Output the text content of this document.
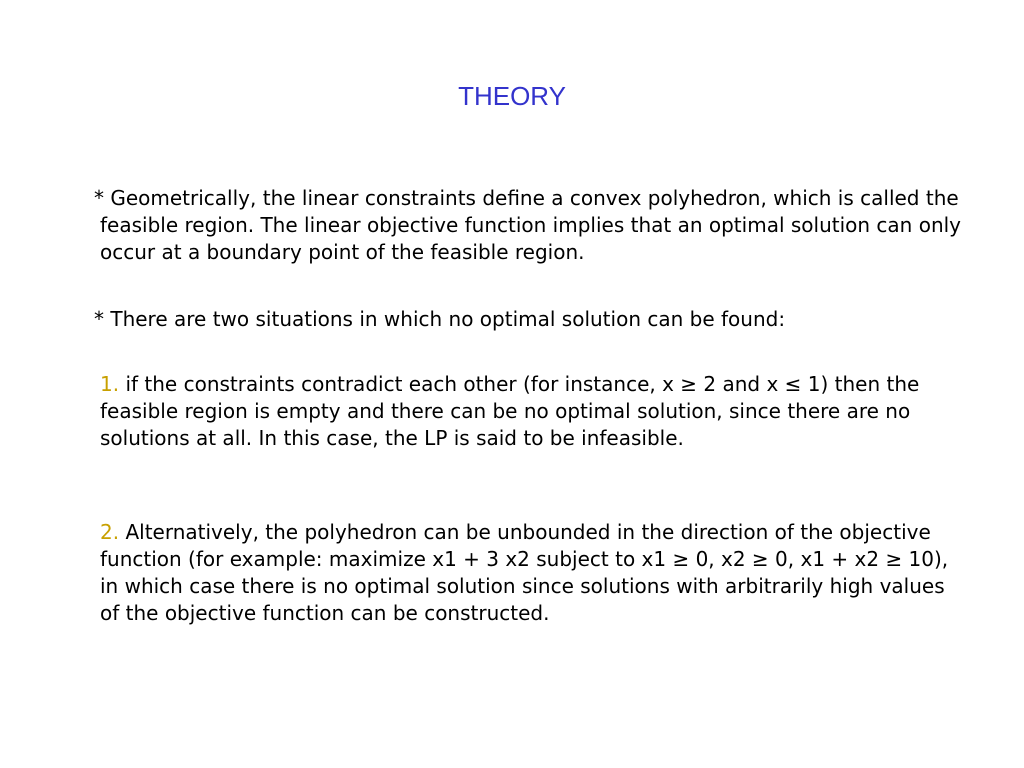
THEORY
* Geometrically, the linear constraints define a convex polyhedron, which is called the feasible region. The linear objective function implies that an optimal solution can only occur at a boundary point of the feasible region.
* There are two situations in which no optimal solution can be found:
1. if the constraints contradict each other (for instance, x ≥ 2 and x ≤ 1) then the feasible region is empty and there can be no optimal solution, since there are no solutions at all. In this case, the LP is said to be infeasible.
2. Alternatively, the polyhedron can be unbounded in the direction of the objective function (for example: maximize x1 + 3 x2 subject to x1 ≥ 0, x2 ≥ 0, x1 + x2 ≥ 10), in which case there is no optimal solution since solutions with arbitrarily high values of the objective function can be constructed.
